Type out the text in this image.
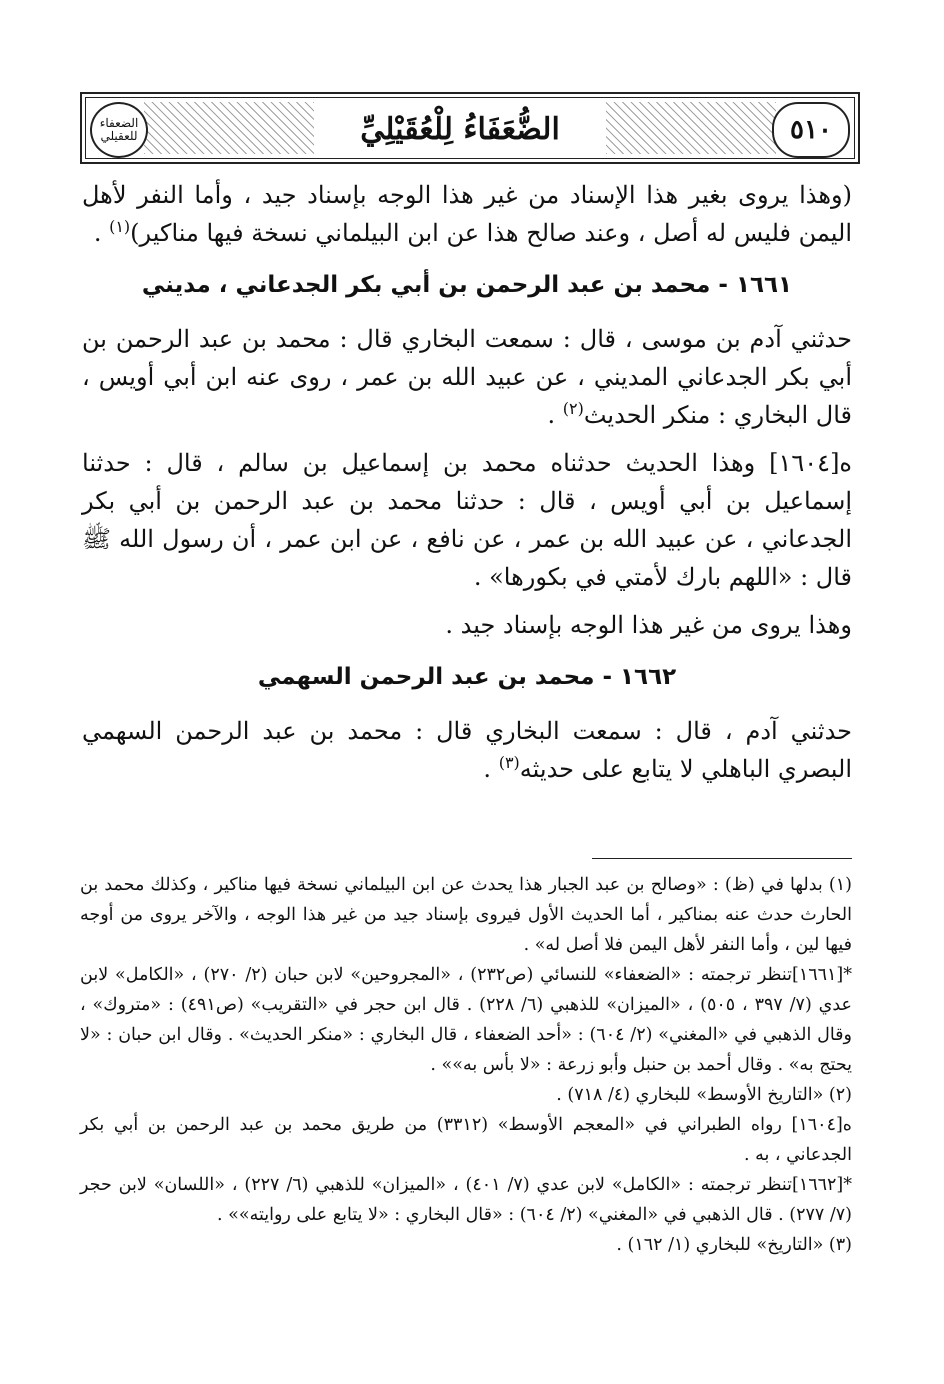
٥١٠
الضُّعَفَاءُ لِلْعُقَيْلِيِّ
الضعفاء للعقيلي

(وهذا يروى بغير هذا الإسناد من غير هذا الوجه بإسناد جيد ، وأما النفر لأهل اليمن فليس له أصل ، وعند صالح هذا عن ابن البيلماني نسخة فيها مناكير)$^{(١)}$ .

١٦٦١ - محمد بن عبد الرحمن بن أبي بكر الجدعاني ، مديني

حدثني آدم بن موسى ، قال : سمعت البخاري قال : محمد بن عبد الرحمن بن أبي بكر الجدعاني المديني ، عن عبيد الله بن عمر ، روى عنه ابن أبي أويس ، قال البخاري : منكر الحديث$^{(٢)}$ .

ه[١٦٠٤] وهذا الحديث حدثناه محمد بن إسماعيل بن سالم ، قال : حدثنا إسماعيل بن أبي أويس ، قال : حدثنا محمد بن عبد الرحمن بن أبي بكر الجدعاني ، عن عبيد الله بن عمر ، عن نافع ، عن ابن عمر ، أن رسول الله ﷺ قال : «اللهم بارك لأمتي في بكورها» .

وهذا يروى من غير هذا الوجه بإسناد جيد .

١٦٦٢ - محمد بن عبد الرحمن السهمي

حدثني آدم ، قال : سمعت البخاري قال : محمد بن عبد الرحمن السهمي البصري الباهلي لا يتابع على حديثه$^{(٣)}$ .

(١) بدلها في (ظ) : «وصالح بن عبد الجبار هذا يحدث عن ابن البيلماني نسخة فيها مناكير ، وكذلك محمد بن الحارث حدث عنه بمناكير ، أما الحديث الأول فيروى بإسناد جيد من غير هذا الوجه ، والآخر يروى من أوجه فيها لين ، وأما النفر لأهل اليمن فلا أصل له» .

*[١٦٦١]تنظر ترجمته : «الضعفاء» للنسائي (ص٢٣٢) ، «المجروحين» لابن حبان (٢/ ٢٧٠) ، «الكامل» لابن عدي (٧/ ٣٩٧ ، ٥٠٥) ، «الميزان» للذهبي (٦/ ٢٢٨) . قال ابن حجر في «التقريب» (ص٤٩١) : «متروك» ، وقال الذهبي في «المغني» (٢/ ٦٠٤) : «أحد الضعفاء ، قال البخاري : «منكر الحديث» . وقال ابن حبان : «لا يحتج به» . وقال أحمد بن حنبل وأبو زرعة : «لا بأس به»» .

(٢) «التاريخ الأوسط» للبخاري (٤/ ٧١٨) .

ه[١٦٠٤] رواه الطبراني في «المعجم الأوسط» (٣٣١٢) من طريق محمد بن عبد الرحمن بن أبي بكر الجدعاني ، به .

*[١٦٦٢]تنظر ترجمته : «الكامل» لابن عدي (٧/ ٤٠١) ، «الميزان» للذهبي (٦/ ٢٢٧) ، «اللسان» لابن حجر (٧/ ٢٧٧) . قال الذهبي في «المغني» (٢/ ٦٠٤) : «قال البخاري : «لا يتابع على روايته»» .

(٣) «التاريخ» للبخاري (١/ ١٦٢) .
